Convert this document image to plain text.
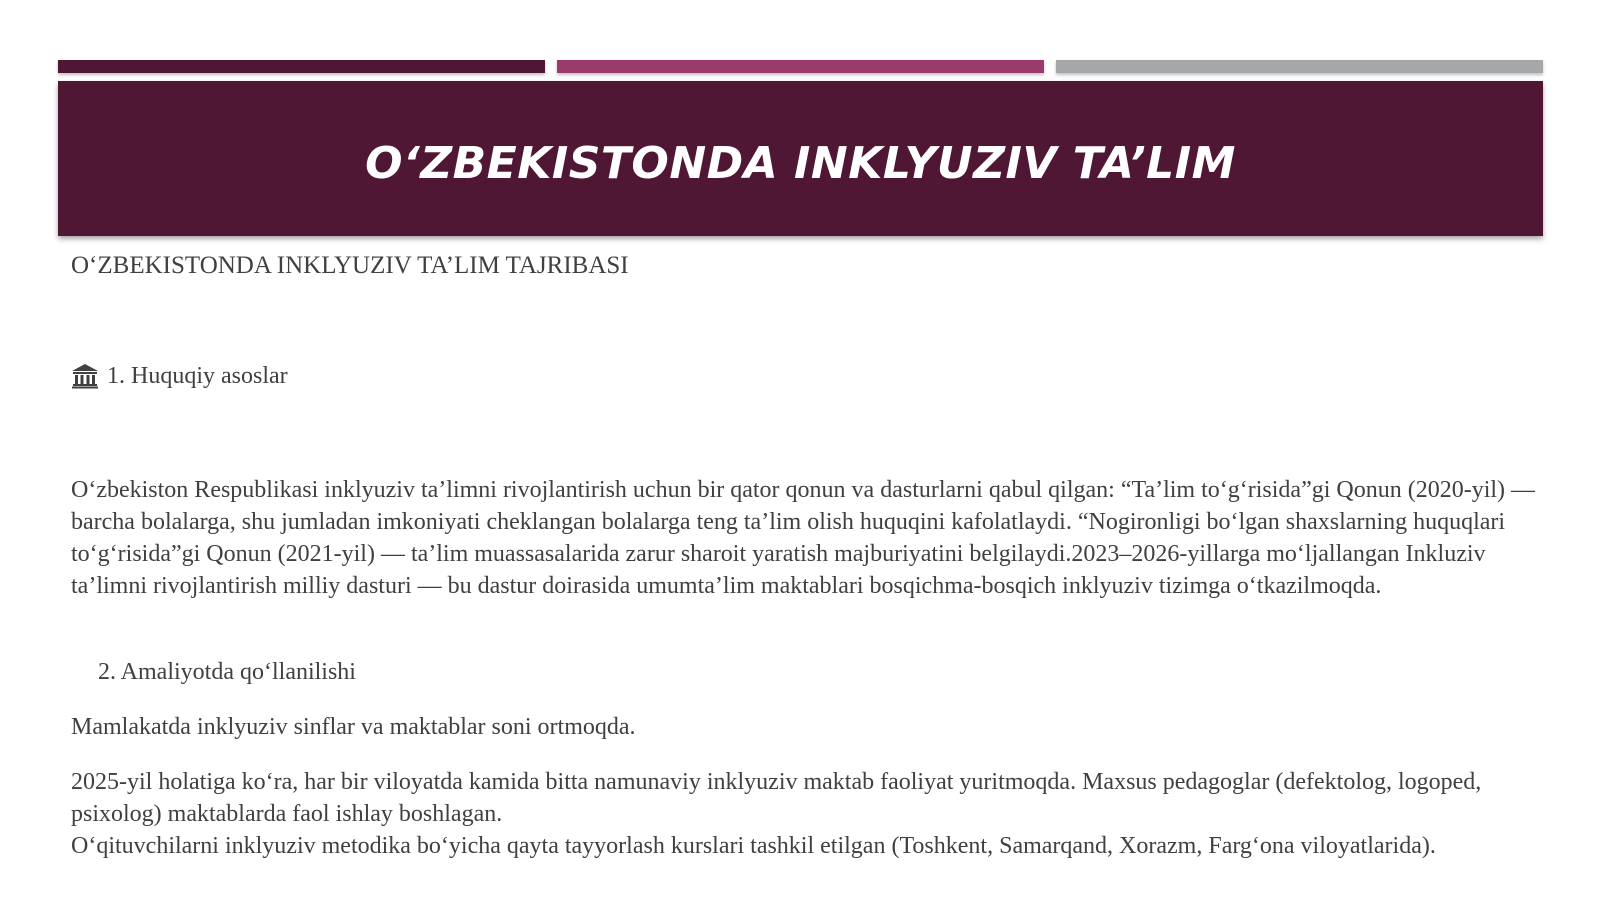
O‘ZBEKISTONDA INKLYUZIV TA’LIM
O‘ZBEKISTONDA INKLYUZIV TA’LIM TAJRIBASI
1. Huquqiy asoslar
O‘zbekiston Respublikasi inklyuziv ta’limni rivojlantirish uchun bir qator qonun va dasturlarni qabul qilgan: “Ta’lim to‘g‘risida”gi Qonun (2020-yil) — barcha bolalarga, shu jumladan imkoniyati cheklangan bolalarga teng ta’lim olish huquqini kafolatlaydi. “Nogironligi bo‘lgan shaxslarning huquqlari to‘g‘risida”gi Qonun (2021-yil) — ta’lim muassasalarida zarur sharoit yaratish majburiyatini belgilaydi.2023–2026-yillarga mo‘ljallangan Inkluziv ta’limni rivojlantirish milliy dasturi — bu dastur doirasida umumta’lim maktablari bosqichma-bosqich inklyuziv tizimga o‘tkazilmoqda.
2. Amaliyotda qo‘llanilishi
Mamlakatda inklyuziv sinflar va maktablar soni ortmoqda.
2025-yil holatiga ko‘ra, har bir viloyatda kamida bitta namunaviy inklyuziv maktab faoliyat yuritmoqda. Maxsus pedagoglar (defektolog, logoped, psixolog) maktablarda faol ishlay boshlagan.
O‘qituvchilarni inklyuziv metodika bo‘yicha qayta tayyorlash kurslari tashkil etilgan (Toshkent, Samarqand, Xorazm, Farg‘ona viloyatlarida).
